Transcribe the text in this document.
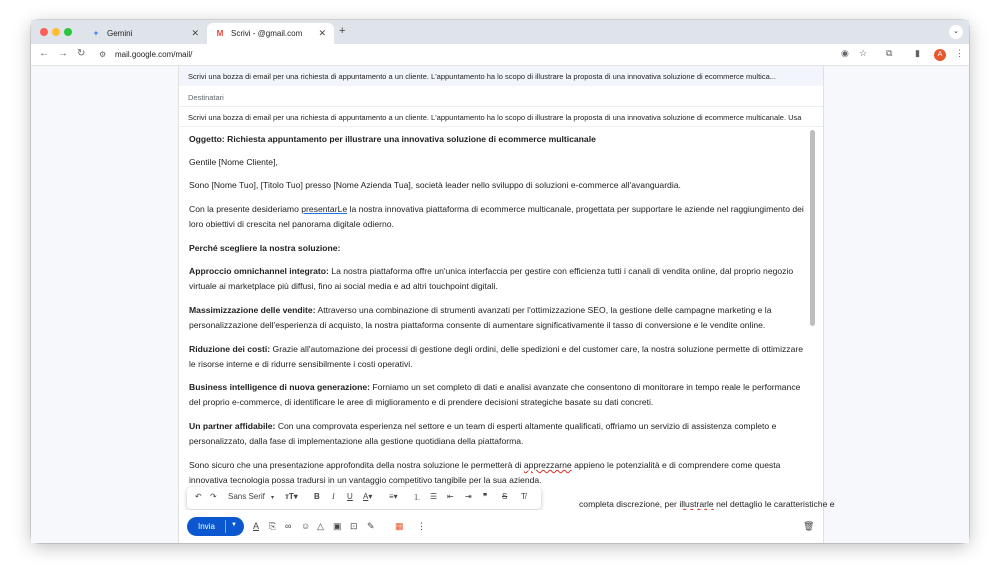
✦ Gemini	✕ M Scrivi - @gmail.com	✕ +	⌄
← → ↻ ⚙ mail.google.com/mail/	◉ ☆ ⧉	▮	A	⋮
Scrivi una bozza di email per una richiesta di appuntamento a un cliente. L'appuntamento ha lo scopo di illustrare la proposta di una innovativa soluzione di ecommerce multica...
Destinatari
Scrivi una bozza di email per una richiesta di appuntamento a un cliente. L'appuntamento ha lo scopo di illustrare la proposta di una innovativa soluzione di ecommerce multicanale. Usa

Oggetto: Richiesta appuntamento per illustrare una innovativa soluzione di ecommerce multicanale

Gentile [Nome Cliente],

Sono [Nome Tuo], [Titolo Tuo] presso [Nome Azienda Tua], società leader nello sviluppo di soluzioni e-commerce all'avanguardia.

Con la presente desideriamo presentarLe la nostra innovativa piattaforma di ecommerce multicanale, progettata per supportare le aziende nel raggiungimento dei loro obiettivi di crescita nel panorama digitale odierno.

Perché scegliere la nostra soluzione:

Approccio omnichannel integrato: La nostra piattaforma offre un'unica interfaccia per gestire con efficienza tutti i canali di vendita online, dal proprio negozio virtuale ai marketplace più diffusi, fino ai social media e ad altri touchpoint digitali.

Massimizzazione delle vendite: Attraverso una combinazione di strumenti avanzati per l'ottimizzazione SEO, la gestione delle campagne marketing e la personalizzazione dell'esperienza di acquisto, la nostra piattaforma consente di aumentare significativamente il tasso di conversione e le vendite online.

Riduzione dei costi: Grazie all'automazione dei processi di gestione degli ordini, delle spedizioni e del customer care, la nostra soluzione permette di ottimizzare le risorse interne e di ridurre sensibilmente i costi operativi.

Business intelligence di nuova generazione: Forniamo un set completo di dati e analisi avanzate che consentono di monitorare in tempo reale le performance del proprio e-commerce, di identificare le aree di miglioramento e di prendere decisioni strategiche basate su dati concreti.

Un partner affidabile: Con una comprovata esperienza nel settore e un team di esperti altamente qualificati, offriamo un servizio di assistenza completo e personalizzato, dalla fase di implementazione alla gestione quotidiana della piattaforma.

Sono sicuro che una presentazione approfondita della nostra soluzione le permetterà di apprezzarne appieno le potenzialità e di comprendere come questa innovativa tecnologia possa tradursi in un vantaggio competitivo tangibile per la sua azienda.

completa discrezione, per illustrarle nel dettaglio le caratteristiche e

↶ ↷ Sans Serif ▾ тT▾ B I U A▾ ≡▾ ⒈ ☰ ⇤ ⇥ ❞ S T̸
Invia	▼ A ⎘ ∞ ☺ △ ▣ ⊡ ✎ ▦ ⋮	🗑
